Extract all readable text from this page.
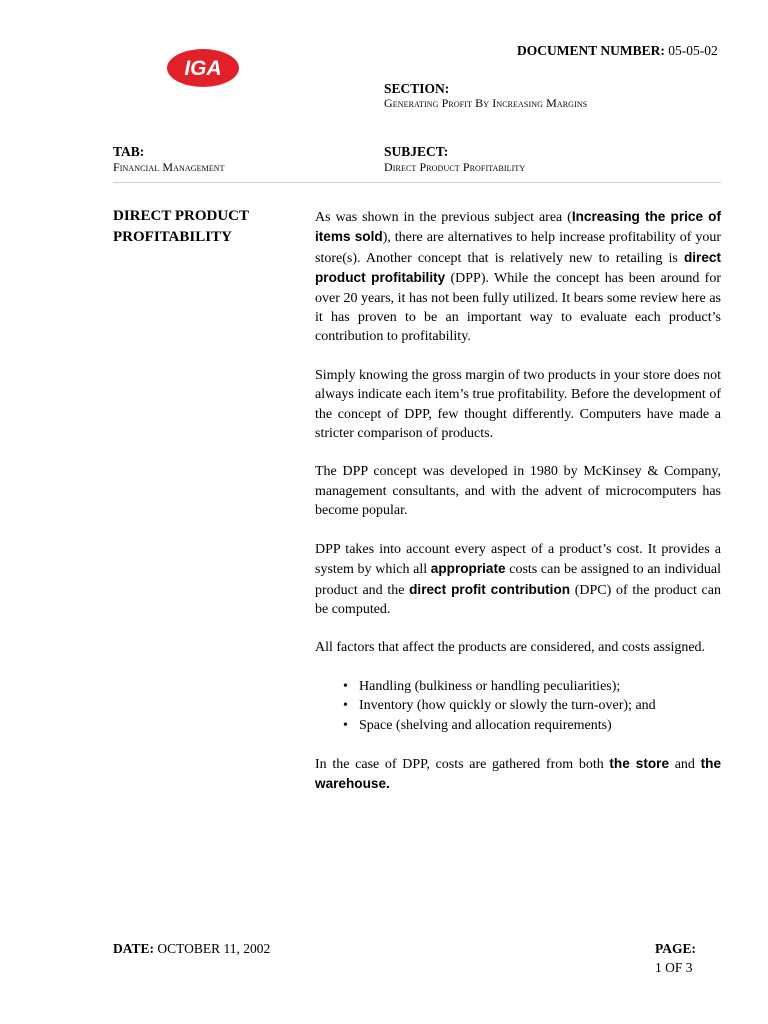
IGA
DOCUMENT NUMBER: 05-05-02
SECTION:
Generating Profit By Increasing Margins
TAB:
Financial Management
SUBJECT:
Direct Product Profitability
DIRECT PRODUCT
PROFITABILITY

As was shown in the previous subject area (Increasing the price of items sold), there are alternatives to help increase profitability of your store(s). Another concept that is relatively new to retailing is direct product profitability (DPP). While the concept has been around for over 20 years, it has not been fully utilized. It bears some review here as it has proven to be an important way to evaluate each product’s contribution to profitability.

Simply knowing the gross margin of two products in your store does not always indicate each item’s true profitability. Before the development of the concept of DPP, few thought differently. Computers have made a stricter comparison of products.

The DPP concept was developed in 1980 by McKinsey & Company, management consultants, and with the advent of microcomputers has become popular.

DPP takes into account every aspect of a product’s cost. It provides a system by which all appropriate costs can be assigned to an individual product and the direct profit contribution (DPC) of the product can be computed.

All factors that affect the products are considered, and costs assigned.

• Handling (bulkiness or handling peculiarities);
• Inventory (how quickly or slowly the turn-over); and
• Space (shelving and allocation requirements)

In the case of DPP, costs are gathered from both the store and the warehouse.

DATE: OCTOBER 11, 2002	PAGE:
1 OF 3
